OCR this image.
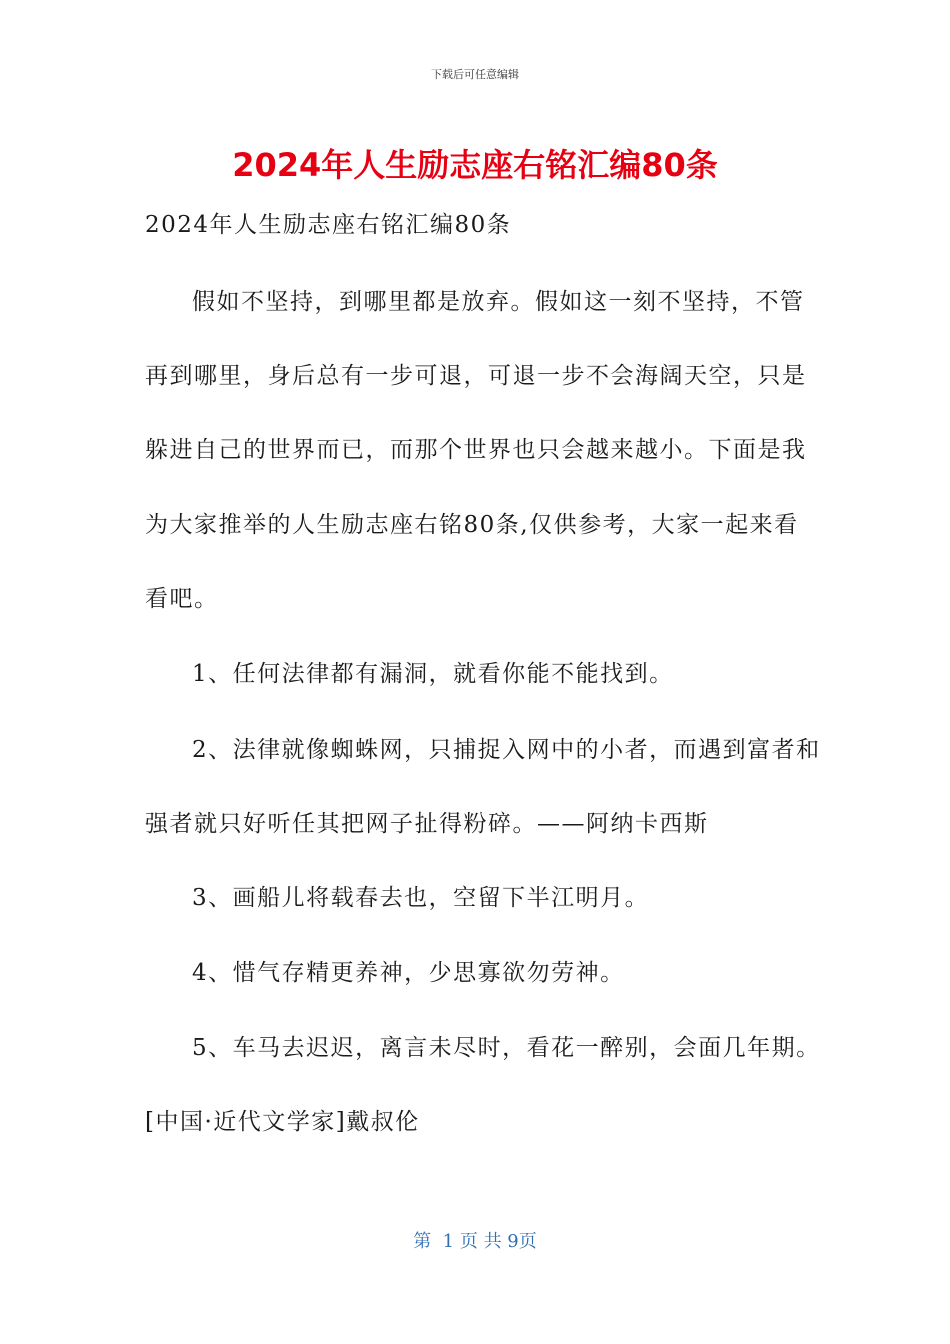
下载后可任意编辑
2024年人生励志座右铭汇编80条
2024年人生励志座右铭汇编80条
假如不坚持，到哪里都是放弃。假如这一刻不坚持，不管
再到哪里，身后总有一步可退，可退一步不会海阔天空，只是
躲进自己的世界而已，而那个世界也只会越来越小。下面是我
为大家推举的人生励志座右铭80条,仅供参考，大家一起来看
看吧。
1、任何法律都有漏洞，就看你能不能找到。
2、法律就像蜘蛛网，只捕捉入网中的小者，而遇到富者和
强者就只好听任其把网子扯得粉碎。——阿纳卡西斯
3、画船儿将载春去也，空留下半江明月。
4、惜气存精更养神，少思寡欲勿劳神。
5、车马去迟迟，离言未尽时，看花一醉别，会面几年期。
[中国·近代文学家]戴叔伦
第  1 页 共 9页
